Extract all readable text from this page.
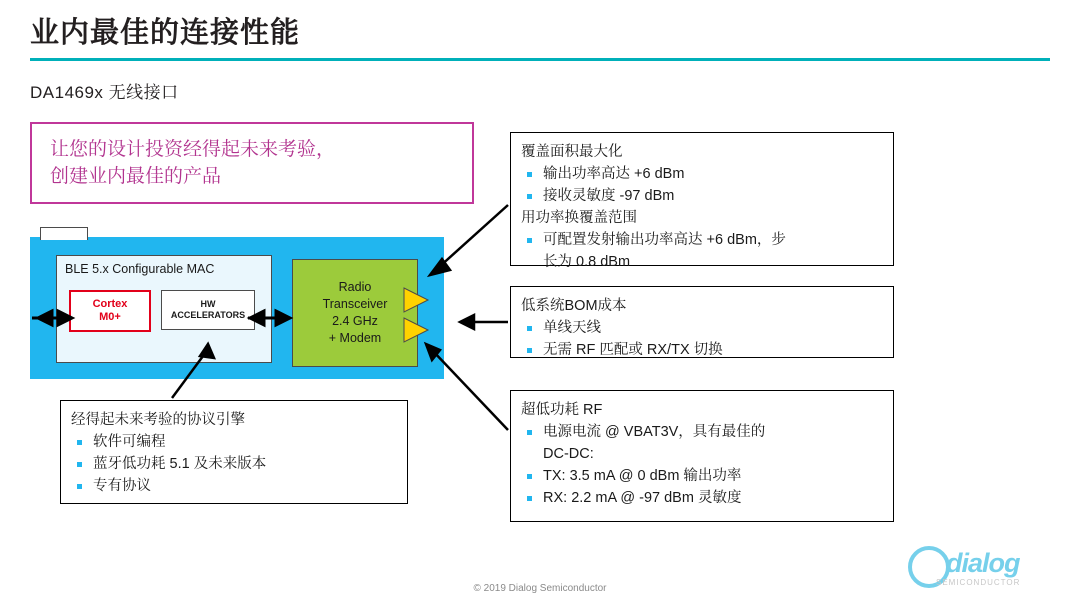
业内最佳的连接性能
DA1469x 无线接口
让您的设计投资经得起未来考验，
创建业内最佳的产品
BLE 5.x Configurable MAC
Cortex
M0+
HW
ACCELERATORS
Radio
Transceiver
2.4 GHz
+ Modem
覆盖面积最大化
输出功率高达 +6 dBm
接收灵敏度 -97 dBm
用功率换覆盖范围
可配置发射输出功率高达 +6 dBm，步
长为 0.8 dBm
低系统BOM成本
单线天线
无需 RF 匹配或 RX/TX 切换
超低功耗 RF
电源电流 @ VBAT3V，具有最佳的
DC-DC:
TX: 3.5 mA @ 0 dBm 输出功率
RX: 2.2 mA @ -97 dBm 灵敏度
经得起未来考验的协议引擎
软件可编程
蓝牙低功耗 5.1 及未来版本
专有协议
© 2019 Dialog Semiconductor
dialog
SEMICONDUCTOR
